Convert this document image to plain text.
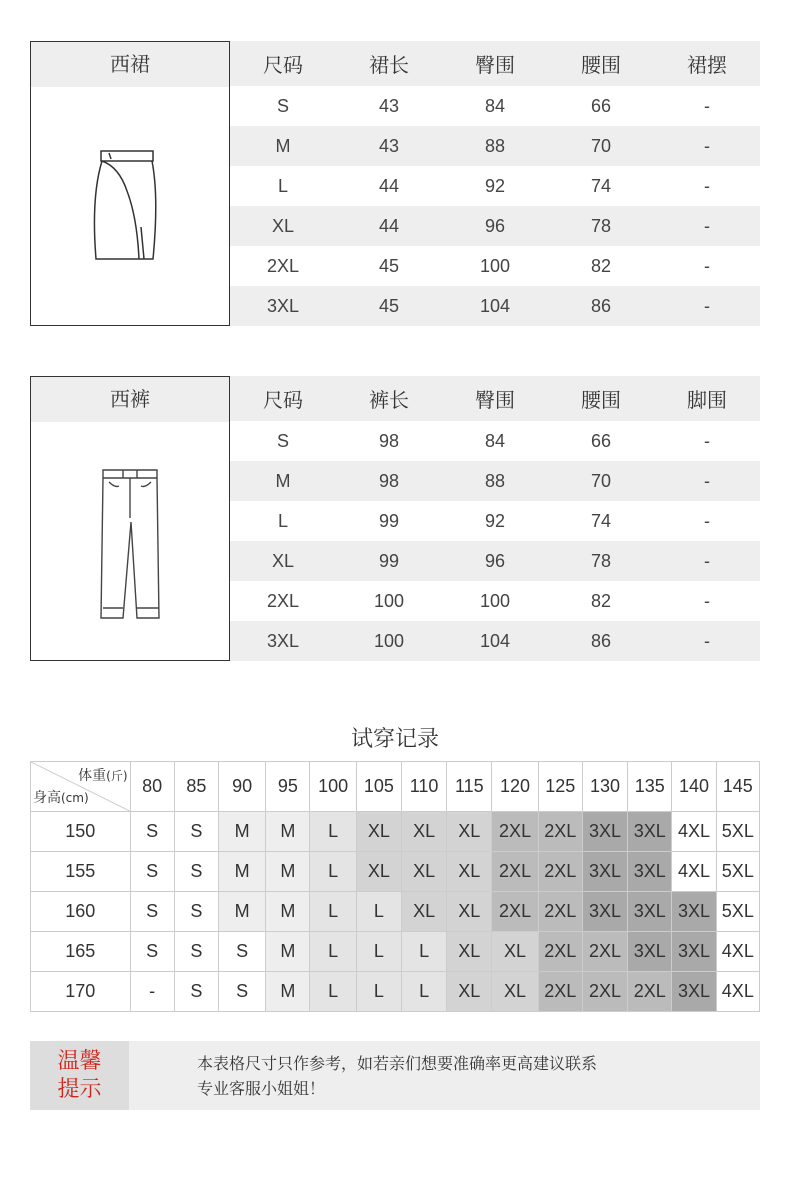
西裙	尺码	裙长	臀围	腰围	裙摆
S	43	84	66	-
M	43	88	70	-
L	44	92	74	-
XL	44	96	78	-
2XL	45	100	82	-
3XL	45	104	86	-
西裤	尺码	裤长	臀围	腰围	脚围
S	98	84	66	-
M	98	88	70	-
L	99	92	74	-
XL	99	96	78	-
2XL	100	100	82	-
3XL	100	104	86	-
试穿记录
体重(斤)
身高(cm)	80	85	90	95	100	105	110	115	120	125	130	135	140	145
150	S	S	M	M	L	XL	XL	XL	2XL	2XL	3XL	3XL	4XL	5XL
155	S	S	M	M	L	XL	XL	XL	2XL	2XL	3XL	3XL	4XL	5XL
160	S	S	M	M	L	L	XL	XL	2XL	2XL	3XL	3XL	3XL	5XL
165	S	S	S	M	L	L	L	XL	XL	2XL	2XL	3XL	3XL	4XL
170	-	S	S	M	L	L	L	XL	XL	2XL	2XL	2XL	3XL	4XL
温馨
提示
本表格尺寸只作参考，如若亲们想要准确率更高建议联系
专业客服小姐姐！
